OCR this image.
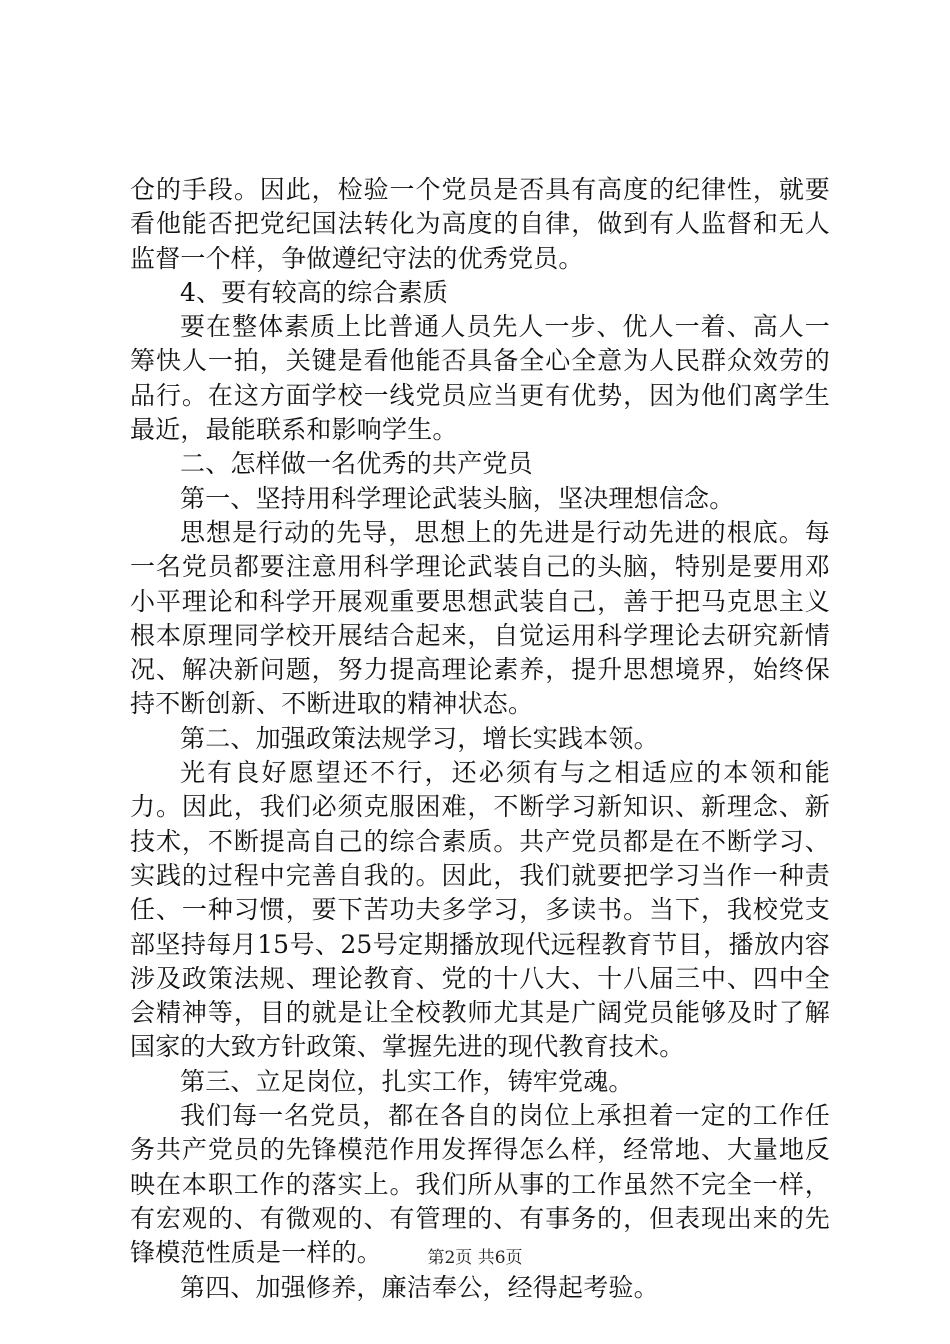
仓的手段。因此，检验一个党员是否具有高度的纪律性，就要看他能否把党纪国法转化为高度的自律，做到有人监督和无人监督一个样，争做遵纪守法的优秀党员。

4、要有较高的综合素质

要在整体素质上比普通人员先人一步、优人一着、高人一筹快人一拍，关键是看他能否具备全心全意为人民群众效劳的品行。在这方面学校一线党员应当更有优势，因为他们离学生最近，最能联系和影响学生。

二、怎样做一名优秀的共产党员

第一、坚持用科学理论武装头脑，坚决理想信念。

思想是行动的先导，思想上的先进是行动先进的根底。每一名党员都要注意用科学理论武装自己的头脑，特别是要用邓小平理论和科学开展观重要思想武装自己，善于把马克思主义根本原理同学校开展结合起来，自觉运用科学理论去研究新情况、解决新问题，努力提高理论素养，提升思想境界，始终保持不断创新、不断进取的精神状态。

第二、加强政策法规学习，增长实践本领。

光有良好愿望还不行，还必须有与之相适应的本领和能力。因此，我们必须克服困难，不断学习新知识、新理念、新技术，不断提高自己的综合素质。共产党员都是在不断学习、实践的过程中完善自我的。因此，我们就要把学习当作一种责任、一种习惯，要下苦功夫多学习，多读书。当下，我校党支部坚持每月15号、25号定期播放现代远程教育节目，播放内容涉及政策法规、理论教育、党的十八大、十八届三中、四中全会精神等，目的就是让全校教师尤其是广阔党员能够及时了解国家的大致方针政策、掌握先进的现代教育技术。

第三、立足岗位，扎实工作，铸牢党魂。

我们每一名党员，都在各自的岗位上承担着一定的工作任务共产党员的先锋模范作用发挥得怎么样，经常地、大量地反映在本职工作的落实上。我们所从事的工作虽然不完全一样，有宏观的、有微观的、有管理的、有事务的，但表现出来的先锋模范性质是一样的。

第四、加强修养，廉洁奉公，经得起考验。

第2页 共6页
